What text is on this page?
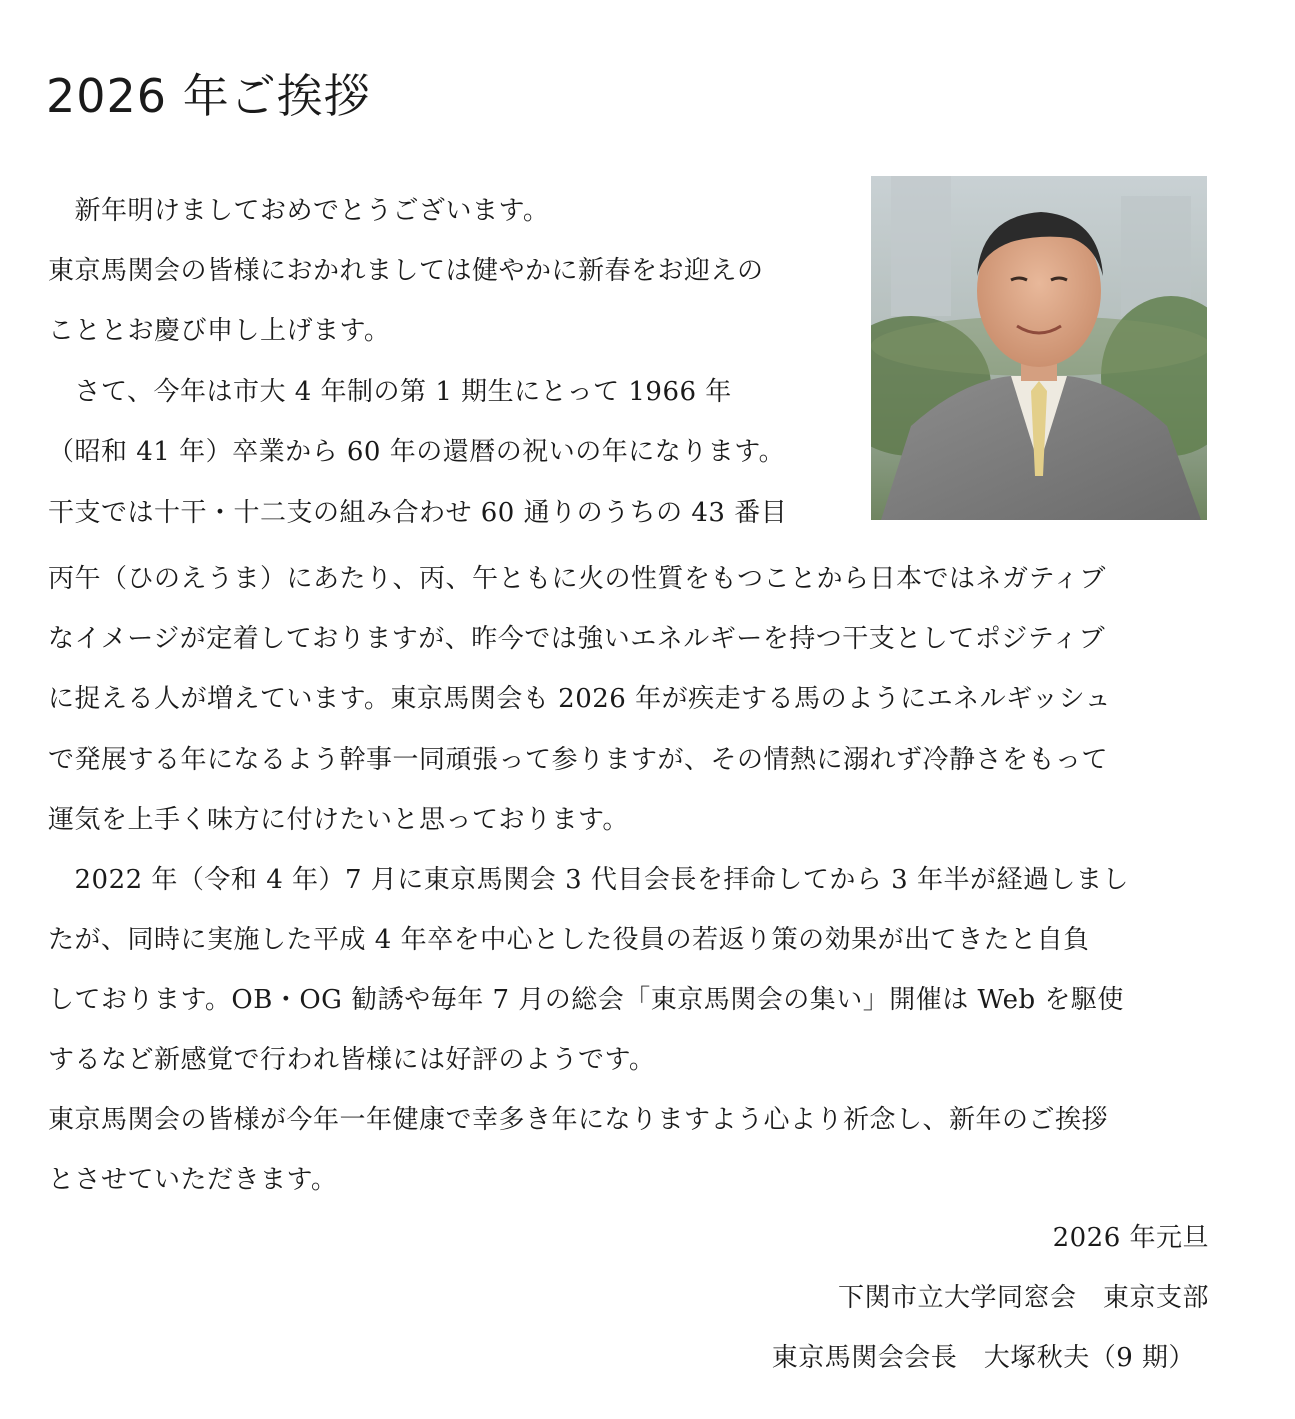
2026 年ご挨拶
　新年明けましておめでとうございます。
東京馬関会の皆様におかれましては健やかに新春をお迎えの
こととお慶び申し上げます。
　さて、今年は市大 4 年制の第 1 期生にとって 1966 年
（昭和 41 年）卒業から 60 年の還暦の祝いの年になります。
干支では十干・十二支の組み合わせ 60 通りのうちの 43 番目
丙午（ひのえうま）にあたり、丙、午ともに火の性質をもつことから日本ではネガティブ
なイメージが定着しておりますが、昨今では強いエネルギーを持つ干支としてポジティブ
に捉える人が増えています。東京馬関会も 2026 年が疾走する馬のようにエネルギッシュ
で発展する年になるよう幹事一同頑張って参りますが、その情熱に溺れず冷静さをもって
運気を上手く味方に付けたいと思っております。
　2022 年（令和 4 年）7 月に東京馬関会 3 代目会長を拝命してから 3 年半が経過しまし
たが、同時に実施した平成 4 年卒を中心とした役員の若返り策の効果が出てきたと自負
しております。OB・OG 勧誘や毎年 7 月の総会「東京馬関会の集い」開催は Web を駆使
するなど新感覚で行われ皆様には好評のようです。
東京馬関会の皆様が今年一年健康で幸多き年になりますよう心より祈念し、新年のご挨拶
とさせていただきます。
2026 年元旦
下関市立大学同窓会　東京支部
東京馬関会会長　大塚秋夫（9 期）
